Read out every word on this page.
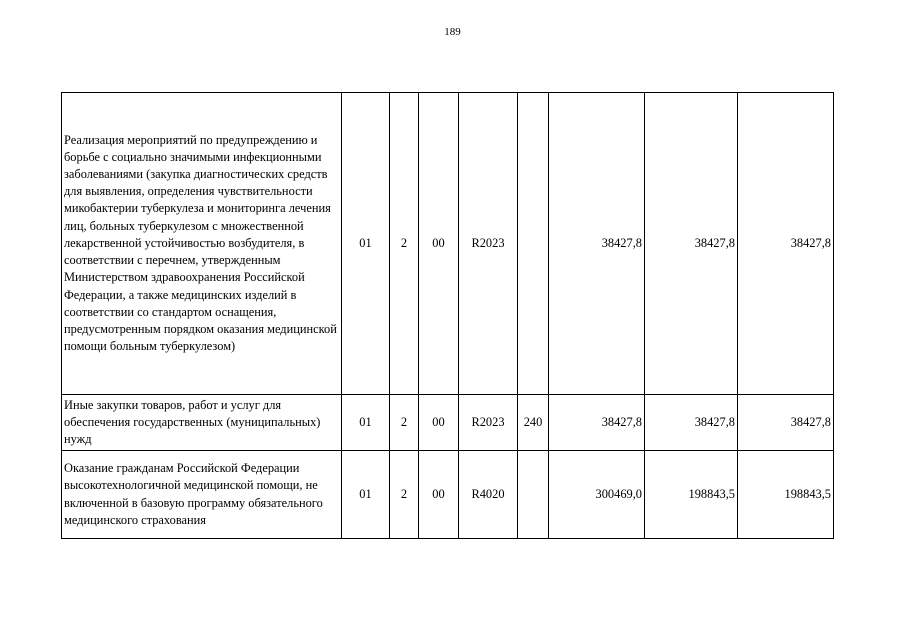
189
Реализация мероприятий по предупреждению и борьбе с социально значимыми инфекционными заболеваниями (закупка диагностических средств для выявления, определения чувствительности микобактерии туберкулеза и мониторинга лечения лиц, больных туберкулезом с множественной лекарственной устойчивостью возбудителя, в соответствии с перечнем, утвержденным Министерством здравоохранения Российской Федерации, а также медицинских изделий в соответствии со стандартом оснащения, предусмотренным порядком оказания медицинской помощи больным туберкулезом)	01	2	00	R2023		38427,8	38427,8	38427,8

Иные закупки товаров, работ и услуг для обеспечения государственных (муниципальных) нужд	01	2	00	R2023	240	38427,8	38427,8	38427,8

Оказание гражданам Российской Федерации высокотехнологичной медицинской помощи, не включенной в базовую программу обязательного медицинского страхования	01	2	00	R4020		300469,0	198843,5	198843,5
